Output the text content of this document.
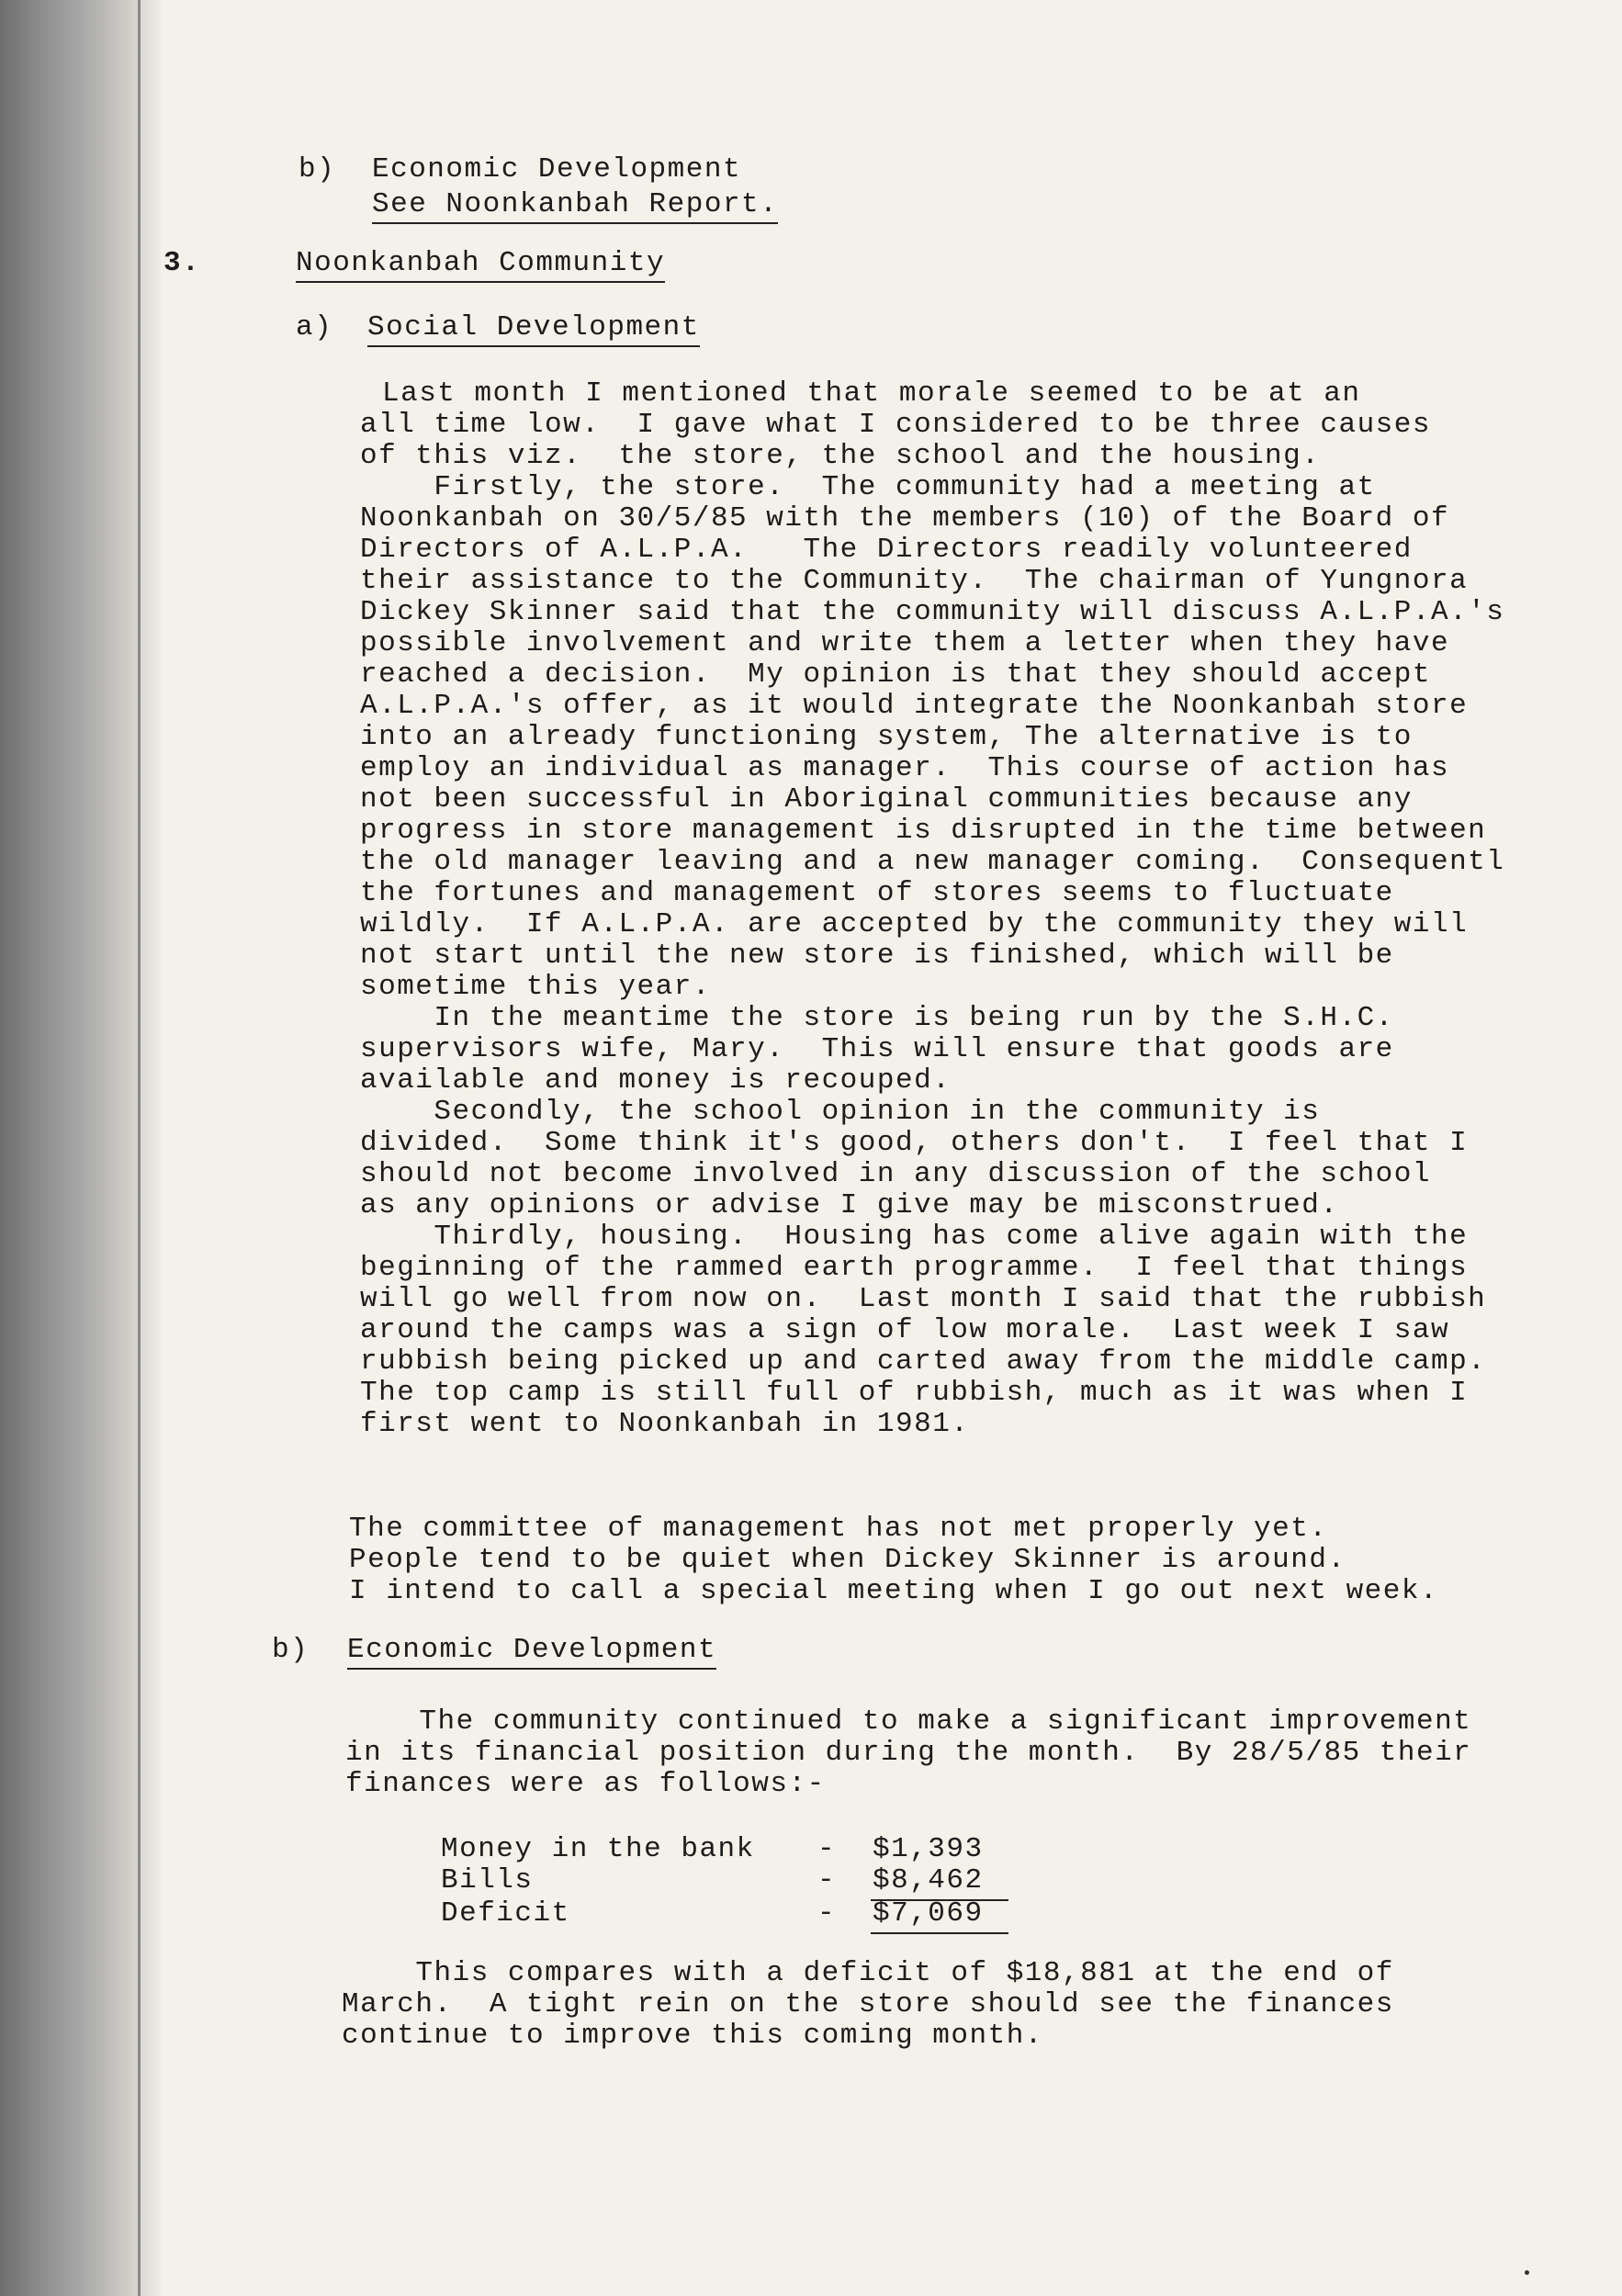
b) Economic Development
See Noonkanbah Report.
3.	Noonkanbah Community
a) Social Development
Last month I mentioned that morale seemed to be at an
all time low.  I gave what I considered to be three causes
of this viz.  the store, the school and the housing.
Firstly, the store.  The community had a meeting at
Noonkanbah on 30/5/85 with the members (10) of the Board of
Directors of A.L.P.A.   The Directors readily volunteered
their assistance to the Community.  The chairman of Yungnora
Dickey Skinner said that the community will discuss A.L.P.A.'s
possible involvement and write them a letter when they have
reached a decision.  My opinion is that they should accept
A.L.P.A.'s offer, as it would integrate the Noonkanbah store
into an already functioning system, The alternative is to
employ an individual as manager.  This course of action has
not been successful in Aboriginal communities because any
progress in store management is disrupted in the time between
the old manager leaving and a new manager coming.  Consequentl
the fortunes and management of stores seems to fluctuate
wildly.  If A.L.P.A. are accepted by the community they will
not start until the new store is finished, which will be
sometime this year.
In the meantime the store is being run by the S.H.C.
supervisors wife, Mary.  This will ensure that goods are
available and money is recouped.
Secondly, the school opinion in the community is
divided.  Some think it's good, others don't.  I feel that I
should not become involved in any discussion of the school
as any opinions or advise I give may be misconstrued.
Thirdly, housing.  Housing has come alive again with the
beginning of the rammed earth programme.  I feel that things
will go well from now on.  Last month I said that the rubbish
around the camps was a sign of low morale.  Last week I saw
rubbish being picked up and carted away from the middle camp.
The top camp is still full of rubbish, much as it was when I
first went to Noonkanbah in 1981.
The committee of management has not met properly yet.
People tend to be quiet when Dickey Skinner is around.
I intend to call a special meeting when I go out next week.
b) Economic Development
The community continued to make a significant improvement
in its financial position during the month.  By 28/5/85 their
finances were as follows:-
Money in the bank - $1,393
Bills	- $8,462
Deficit	- $7,069
This compares with a deficit of $18,881 at the end of
March.  A tight rein on the store should see the finances
continue to improve this coming month.
